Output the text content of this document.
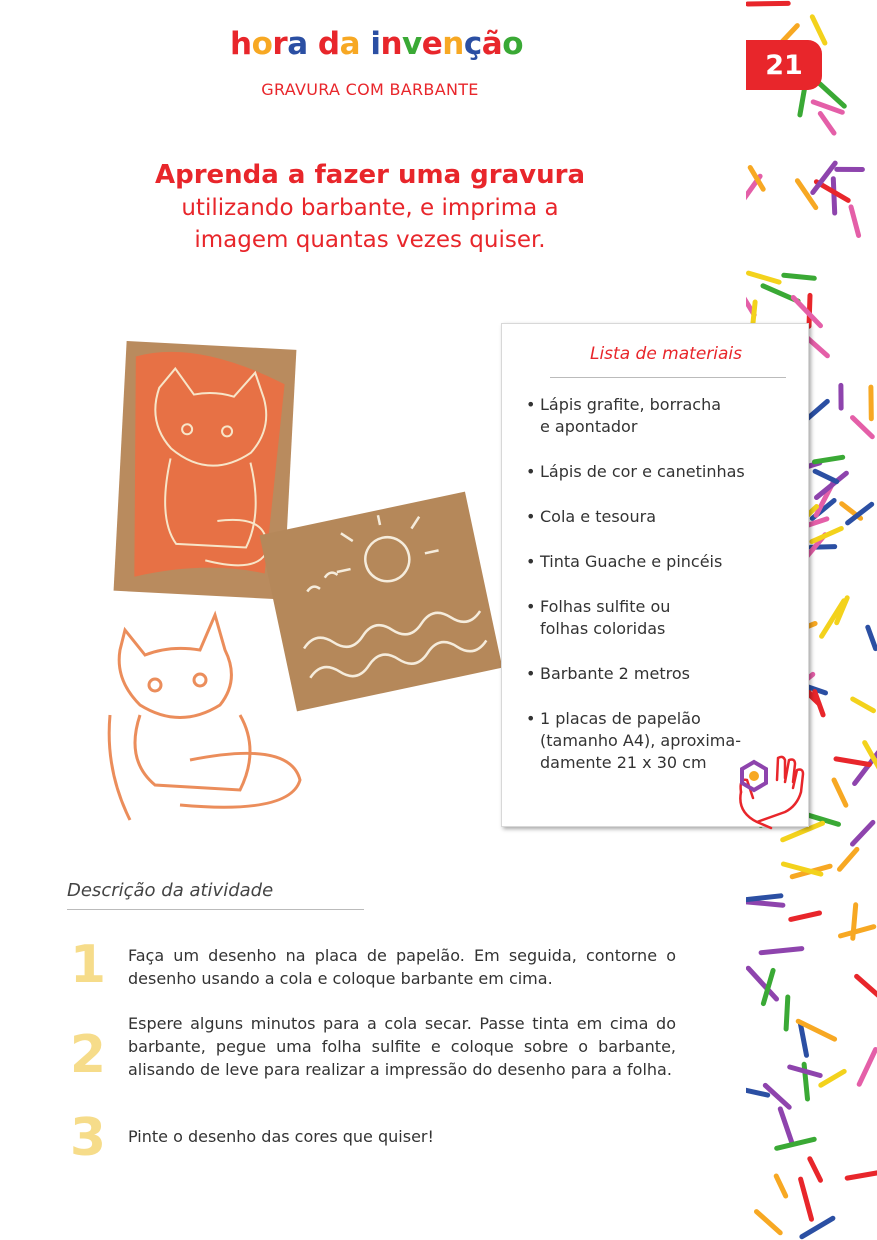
21
hora da invenção
GRAVURA COM BARBANTE
Aprenda a fazer uma gravura
utilizando barbante, e imprima a
imagem quantas vezes quiser.
Lista de materiais
• Lápis grafite, borracha
e apontador
• Lápis de cor e canetinhas
• Cola e tesoura
• Tinta Guache e pincéis
• Folhas sulfite ou
folhas coloridas
• Barbante 2 metros
• 1 placas de papelão
(tamanho A4), aproxima-
damente 21 x 30 cm
Descrição da atividade
1 Faça um desenho na placa de papelão. Em seguida, contorne o desenho usando a cola e coloque barbante em cima.
2
Espere alguns minutos para a cola secar. Passe tinta em cima do barbante, pegue uma folha sulfite e coloque sobre o barbante, alisando de leve para realizar a impressão do desenho para a folha.
3 Pinte o desenho das cores que quiser!
